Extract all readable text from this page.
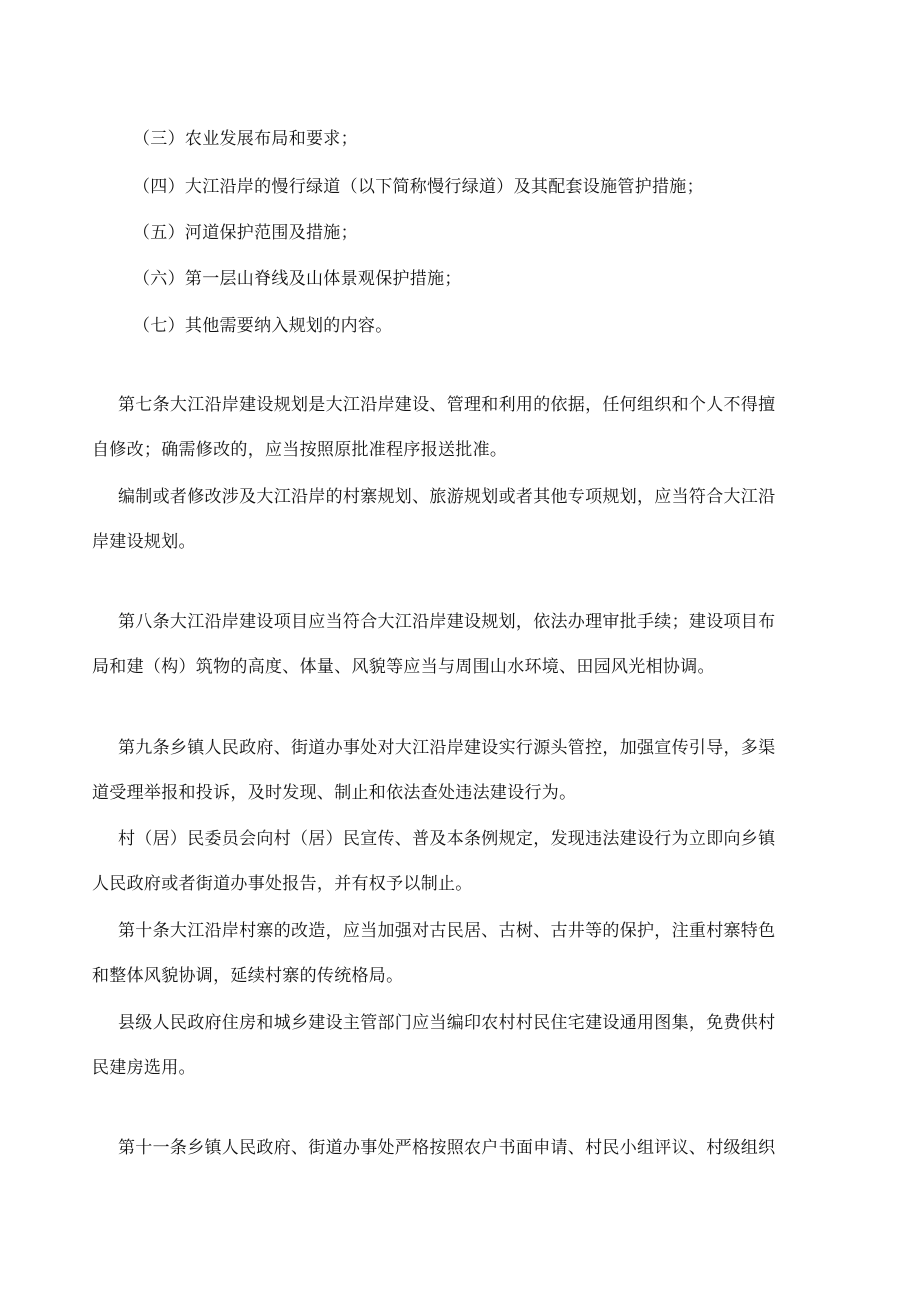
（三）农业发展布局和要求；
（四）大江沿岸的慢行绿道（以下简称慢行绿道）及其配套设施管护措施；
（五）河道保护范围及措施；
（六）第一层山脊线及山体景观保护措施；
（七）其他需要纳入规划的内容。
第七条大江沿岸建设规划是大江沿岸建设、管理和利用的依据，任何组织和个人不得擅
自修改；确需修改的，应当按照原批准程序报送批准。
编制或者修改涉及大江沿岸的村寨规划、旅游规划或者其他专项规划，应当符合大江沿
岸建设规划。
第八条大江沿岸建设项目应当符合大江沿岸建设规划，依法办理审批手续；建设项目布
局和建（构）筑物的高度、体量、风貌等应当与周围山水环境、田园风光相协调。
第九条乡镇人民政府、街道办事处对大江沿岸建设实行源头管控，加强宣传引导，多渠
道受理举报和投诉，及时发现、制止和依法查处违法建设行为。
村（居）民委员会向村（居）民宣传、普及本条例规定，发现违法建设行为立即向乡镇
人民政府或者街道办事处报告，并有权予以制止。
第十条大江沿岸村寨的改造，应当加强对古民居、古树、古井等的保护，注重村寨特色
和整体风貌协调，延续村寨的传统格局。
县级人民政府住房和城乡建设主管部门应当编印农村村民住宅建设通用图集，免费供村
民建房选用。
第十一条乡镇人民政府、街道办事处严格按照农户书面申请、村民小组评议、村级组织
